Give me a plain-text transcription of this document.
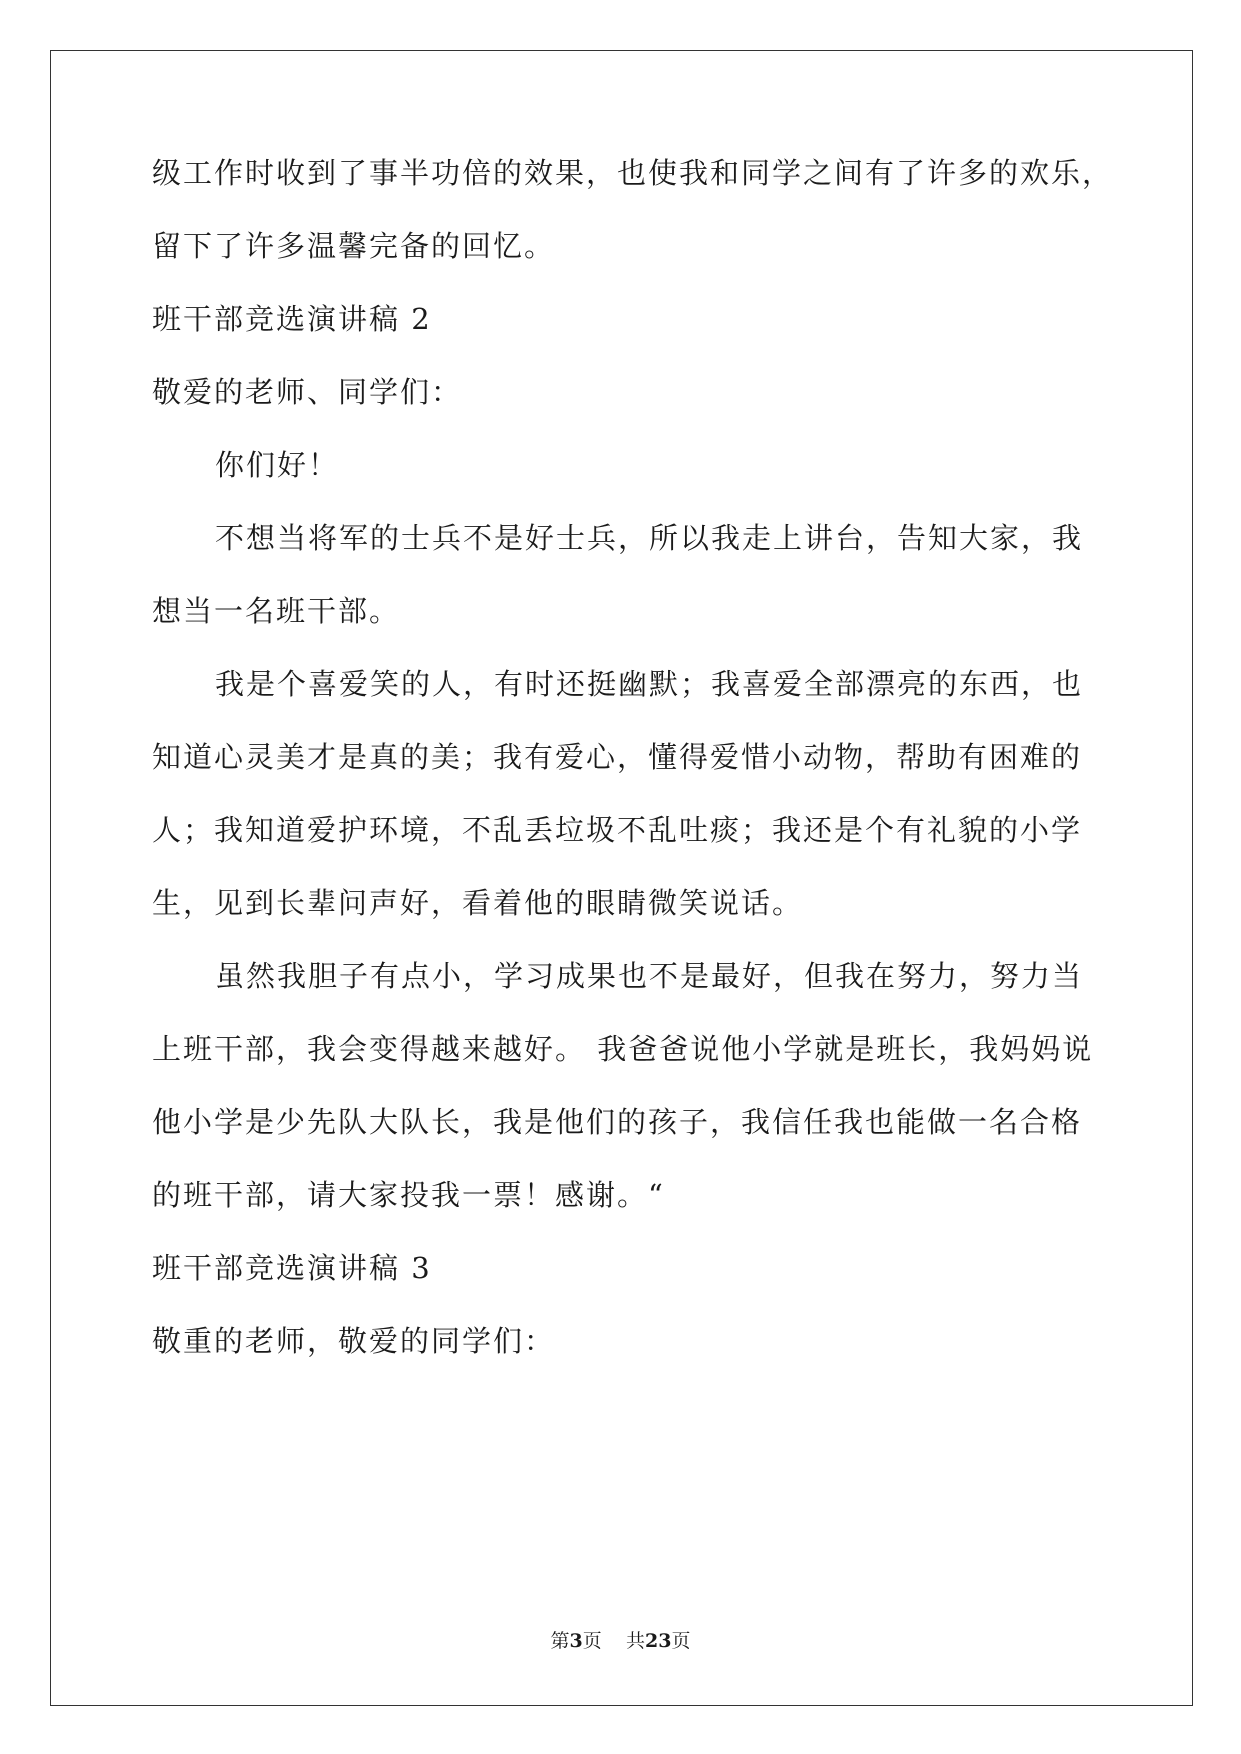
级工作时收到了事半功倍的效果，也使我和同学之间有了许多的欢乐，
留下了许多温馨完备的回忆。
班干部竞选演讲稿 2
敬爱的老师、同学们：
你们好！
不想当将军的士兵不是好士兵，所以我走上讲台，告知大家，我
想当一名班干部。
我是个喜爱笑的人，有时还挺幽默；我喜爱全部漂亮的东西，也
知道心灵美才是真的美；我有爱心，懂得爱惜小动物，帮助有困难的
人；我知道爱护环境，不乱丢垃圾不乱吐痰；我还是个有礼貌的小学
生，见到长辈问声好，看着他的眼睛微笑说话。
虽然我胆子有点小，学习成果也不是最好，但我在努力，努力当
上班干部，我会变得越来越好。 我爸爸说他小学就是班长，我妈妈说
他小学是少先队大队长，我是他们的孩子，我信任我也能做一名合格
的班干部，请大家投我一票！感谢。“
班干部竞选演讲稿 3
敬重的老师，敬爱的同学们：
第3页 共23页
